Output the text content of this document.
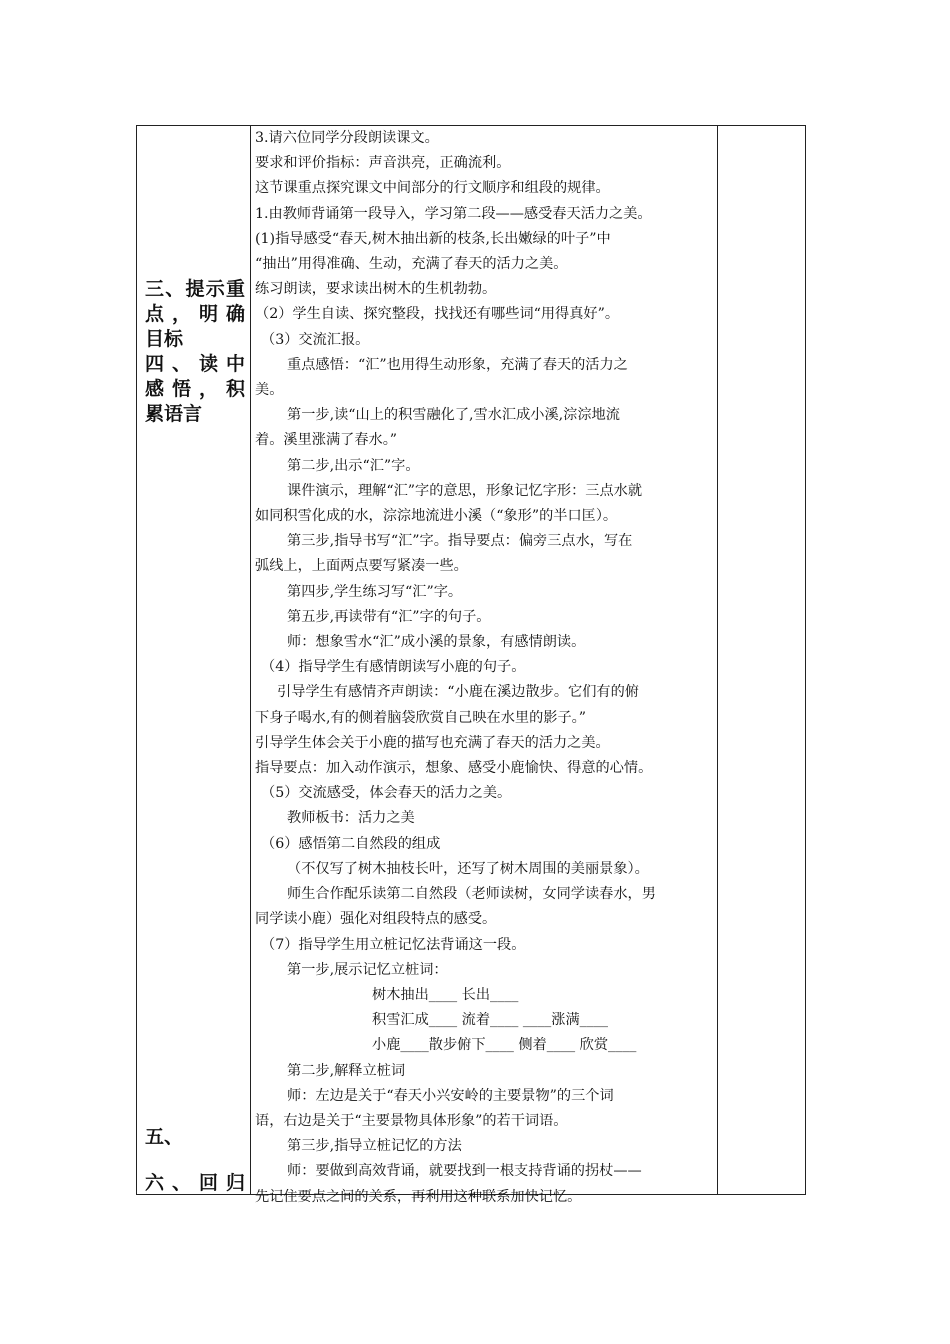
三、提示重
点，明确
目标
四、读中
感悟，积
累语言
五、
六、回归

3.请六位同学分段朗读课文。

要求和评价指标：声音洪亮，正确流利。

这节课重点探究课文中间部分的行文顺序和组段的规律。

1.由教师背诵第一段导入，学习第二段——感受春天活力之美。

(1)指导感受“春天,树木抽出新的枝条,长出嫩绿的叶子”中

“抽出”用得准确、生动，充满了春天的活力之美。

练习朗读，要求读出树木的生机勃勃。

（2）学生自读、探究整段，找找还有哪些词“用得真好”。

（3）交流汇报。

重点感悟：“汇”也用得生动形象，充满了春天的活力之

美。

第一步,读“山上的积雪融化了,雪水汇成小溪,淙淙地流

着。溪里涨满了春水。”

第二步,出示“汇”字。

课件演示，理解“汇”字的意思，形象记忆字形：三点水就

如同积雪化成的水，淙淙地流进小溪（“象形”的半口匡）。

第三步,指导书写“汇”字。指导要点：偏旁三点水，写在

弧线上，上面两点要写紧凑一些。

第四步,学生练习写“汇”字。

第五步,再读带有“汇”字的句子。

师：想象雪水“汇”成小溪的景象，有感情朗读。

（4）指导学生有感情朗读写小鹿的句子。

引导学生有感情齐声朗读：“小鹿在溪边散步。它们有的俯

下身子喝水,有的侧着脑袋欣赏自己映在水里的影子。”

引导学生体会关于小鹿的描写也充满了春天的活力之美。

指导要点：加入动作演示，想象、感受小鹿愉快、得意的心情。

（5）交流感受，体会春天的活力之美。

教师板书：活力之美

（6）感悟第二自然段的组成

（不仅写了树木抽枝长叶，还写了树木周围的美丽景象）。

师生合作配乐读第二自然段（老师读树，女同学读春水，男

同学读小鹿）强化对组段特点的感受。

（7）指导学生用立桩记忆法背诵这一段。

第一步,展示记忆立桩词：

树木抽出____ 长出____

积雪汇成____ 流着____ ____涨满____

小鹿____散步俯下____ 侧着____ 欣赏____

第二步,解释立桩词

师：左边是关于“春天小兴安岭的主要景物”的三个词

语，右边是关于“主要景物具体形象”的若干词语。

第三步,指导立桩记忆的方法

师：要做到高效背诵，就要找到一根支持背诵的拐杖——

先记住要点之间的关系，再利用这种联系加快记忆。
